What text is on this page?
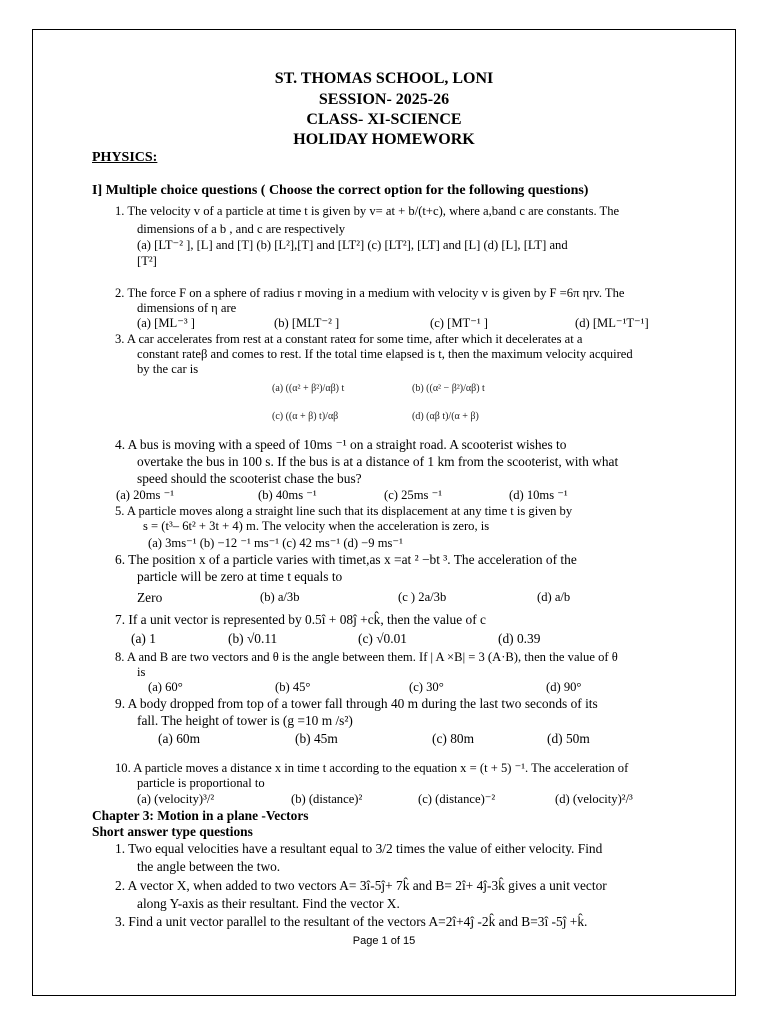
ST. THOMAS SCHOOL, LONI
SESSION- 2025-26
CLASS- XI-SCIENCE
HOLIDAY HOMEWORK
PHYSICS:
I] Multiple choice questions ( Choose the correct option for the following questions)
1. The velocity v of a particle at time t is given by v= at + b/(t+c), where a,band c are constants. The
dimensions of a b , and c are respectively
(a) [LT⁻² ], [L] and [T] (b) [L²],[T] and [LT²] (c) [LT²], [LT] and [L] (d) [L], [LT] and
[T²]
2. The force F on a sphere of radius r moving in a medium with velocity v is given by F =6π ηrv. The
dimensions of η are
(a) [ML⁻³ ]	(b) [MLT⁻² ]	(c) [MT⁻¹ ]	(d) [ML⁻¹T⁻¹]
3. A car accelerates from rest at a constant rateα for some time, after which it decelerates at a
constant rateβ and comes to rest. If the total time elapsed is t, then the maximum velocity acquired
by the car is
(a) ((α² + β²)/αβ) t	(b) ((α² − β²)/αβ) t
(c) ((α + β) t)/αβ	(d) (αβ t)/(α + β)
4. A bus is moving with a speed of 10ms ⁻¹ on a straight road. A scooterist wishes to
overtake the bus in 100 s. If the bus is at a distance of 1 km from the scooterist, with what
speed should the scooterist chase the bus?
(a) 20ms ⁻¹	(b) 40ms ⁻¹	(c) 25ms ⁻¹	(d) 10ms ⁻¹
5. A particle moves along a straight line such that its displacement at any time t is given by
s = (t³– 6t² + 3t + 4) m. The velocity when the acceleration is zero, is
(a) 3ms⁻¹ (b) −12 ⁻¹ ms⁻¹ (c) 42 ms⁻¹ (d) −9 ms⁻¹
6. The position x of a particle varies with timet,as x =at ² −bt ³. The acceleration of the
particle will be zero at time t equals to
Zero	(b) a/3b	(c ) 2a/3b	(d) a/b
7. If a unit vector is represented by 0.5î + 08ĵ +ck̂, then the value of c
(a) 1	(b) √0.11	(c) √0.01	(d) 0.39
8. A and B are two vectors and θ is the angle between them. If | A ×B| = 3 (A·B), then the value of θ
is
(a) 60°	(b) 45°	(c) 30°	(d) 90°
9. A body dropped from top of a tower fall through 40 m during the last two seconds of its
fall. The height of tower is (g =10 m /s²)
(a) 60m	(b) 45m	(c) 80m	(d) 50m
10. A particle moves a distance x in time t according to the equation x = (t + 5) ⁻¹. The acceleration of
particle is proportional to
(a) (velocity)³/²	(b) (distance)²	(c) (distance)⁻²	(d) (velocity)²/³
Chapter 3: Motion in a plane -Vectors
Short answer type questions
1. Two equal velocities have a resultant equal to 3/2 times the value of either velocity. Find
the angle between the two.
2. A vector X, when added to two vectors A= 3î-5ĵ+ 7k̂ and B= 2î+ 4ĵ-3k̂ gives a unit vector
along Y-axis as their resultant. Find the vector X.
3. Find a unit vector parallel to the resultant of the vectors A=2î+4ĵ -2k̂ and B=3î -5ĵ +k̂.
Page 1 of 15
